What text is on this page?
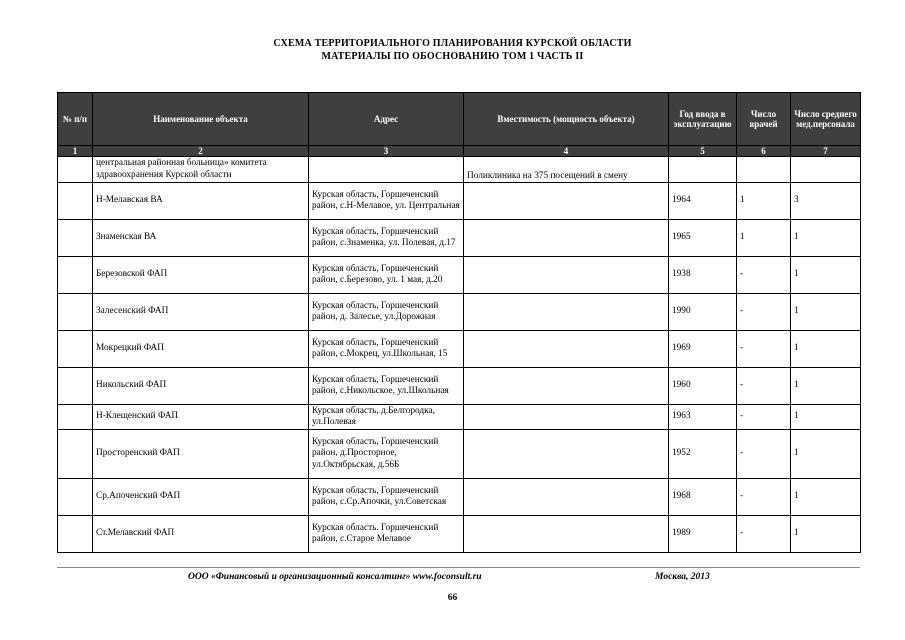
СХЕМА ТЕРРИТОРИАЛЬНОГО ПЛАНИРОВАНИЯ КУРСКОЙ ОБЛАСТИ
МАТЕРИАЛЫ ПО ОБОСНОВАНИЮ ТОМ 1 ЧАСТЬ II
№ п/п	Наименование объекта	Адрес	Вместимость (мощность объекта)	Год ввода в эксплуатацию	Число врачей	Число среднего мед.персонала
1	2	3	4	5	6	7
	центральная районная больница» комитета здравоохранения Курской области		Поликлиника на 375 посещений в смену			
	Н-Мелавская ВА	Курская область, Горшеченский район, с.Н-Мелавое, ул. Центральная		1964	1	3
	Знаменская ВА	Курская область, Горшеченский район, с.Знаменка, ул. Полевая, д.17		1965	1	1
	Березовской ФАП	Курская область, Горшеченский район, с.Березово, ул. 1 мая, д.20		1938	-	1
	Залесенский ФАП	Курская область, Горшеченский район, д. Залесье, ул.Дорожная		1990	-	1
	Мокрецкий ФАП	Курская область, Горшеченский район, с.Мокрец, ул.Школьная, 15		1969	-	1
	Никольский ФАП	Курская область, Горшеченский район, с.Никольское, ул.Школьная		1960	-	1
	Н-Клещенский ФАП	Курская область, д.Белгородка, ул.Полевая		1963	-	1
	Просторенский ФАП	Курская область, Горшеченский район, д.Просторное, ул.Октябрьская, д.56Б		1952	-	1
	Ср.Апоченский ФАП	Курская область, Горшеченский район, с.Ср.Апочки, ул.Советская		1968	-	1
	Ст.Мелавский ФАП	Курская область. Горшеченский район, с.Старое Мелавое		1989	-	1
ООО «Финансовый и организационный консалтинг» www.foconsult.ru	Москва, 2013
66
